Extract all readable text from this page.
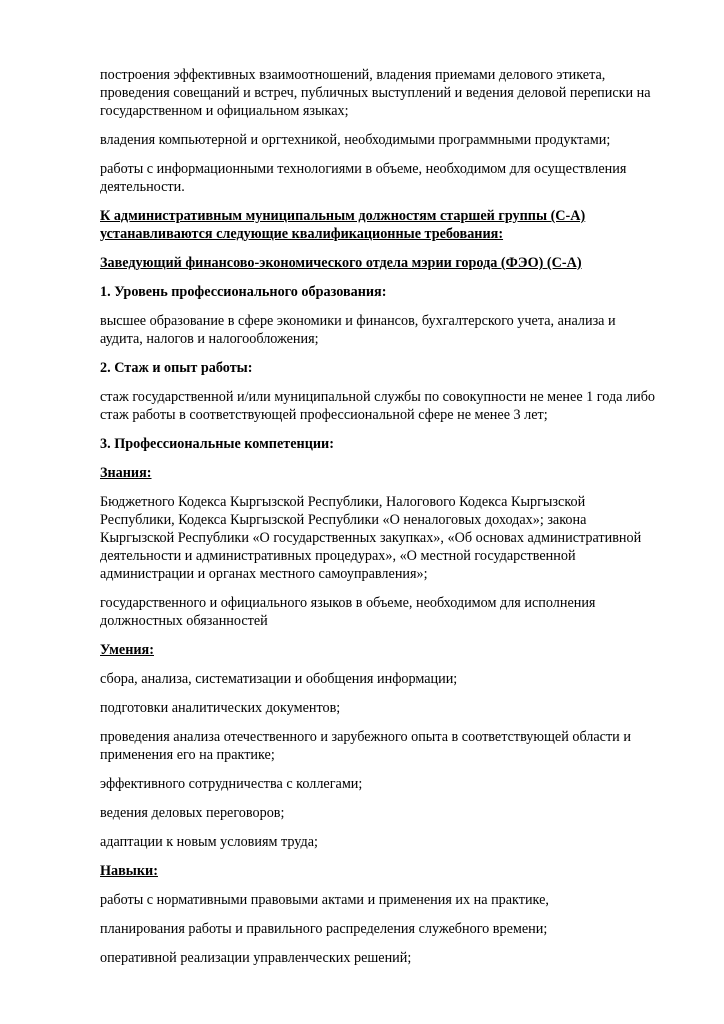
построения эффективных взаимоотношений, владения приемами делового этикета, проведения совещаний и встреч, публичных выступлений и ведения деловой переписки на государственном и официальном языках;

владения компьютерной и оргтехникой, необходимыми программными продуктами;

работы с информационными технологиями в объеме, необходимом для осуществления деятельности.

К административным муниципальным должностям старшей группы (С-А) устанавливаются следующие квалификационные требования:

Заведующий финансово-экономического отдела мэрии города (ФЭО) (С-А)

1. Уровень профессионального образования:

высшее образование в сфере экономики и финансов, бухгалтерского учета, анализа и аудита, налогов и налогообложения;

2. Стаж и опыт работы:

стаж государственной и/или муниципальной службы по совокупности не менее 1 года либо стаж работы в соответствующей профессиональной сфере не менее 3 лет;

3. Профессиональные компетенции:

Знания:

Бюджетного Кодекса Кыргызской Республики, Налогового Кодекса Кыргызской Республики, Кодекса Кыргызской Республики «О неналоговых доходах»; закона Кыргызской Республики «О государственных закупках», «Об основах административной деятельности и административных процедурах», «О местной государственной администрации и органах местного самоуправления»;

государственного и официального языков в объеме, необходимом для исполнения должностных обязанностей

Умения:

сбора, анализа, систематизации и обобщения информации;

подготовки аналитических документов;

проведения анализа отечественного и зарубежного опыта в соответствующей области и применения его на практике;

эффективного сотрудничества с коллегами;

ведения деловых переговоров;

адаптации к новым условиям труда;

Навыки:

работы с нормативными правовыми актами и применения их на практике,

планирования работы и правильного распределения служебного времени;

оперативной реализации управленческих решений;
